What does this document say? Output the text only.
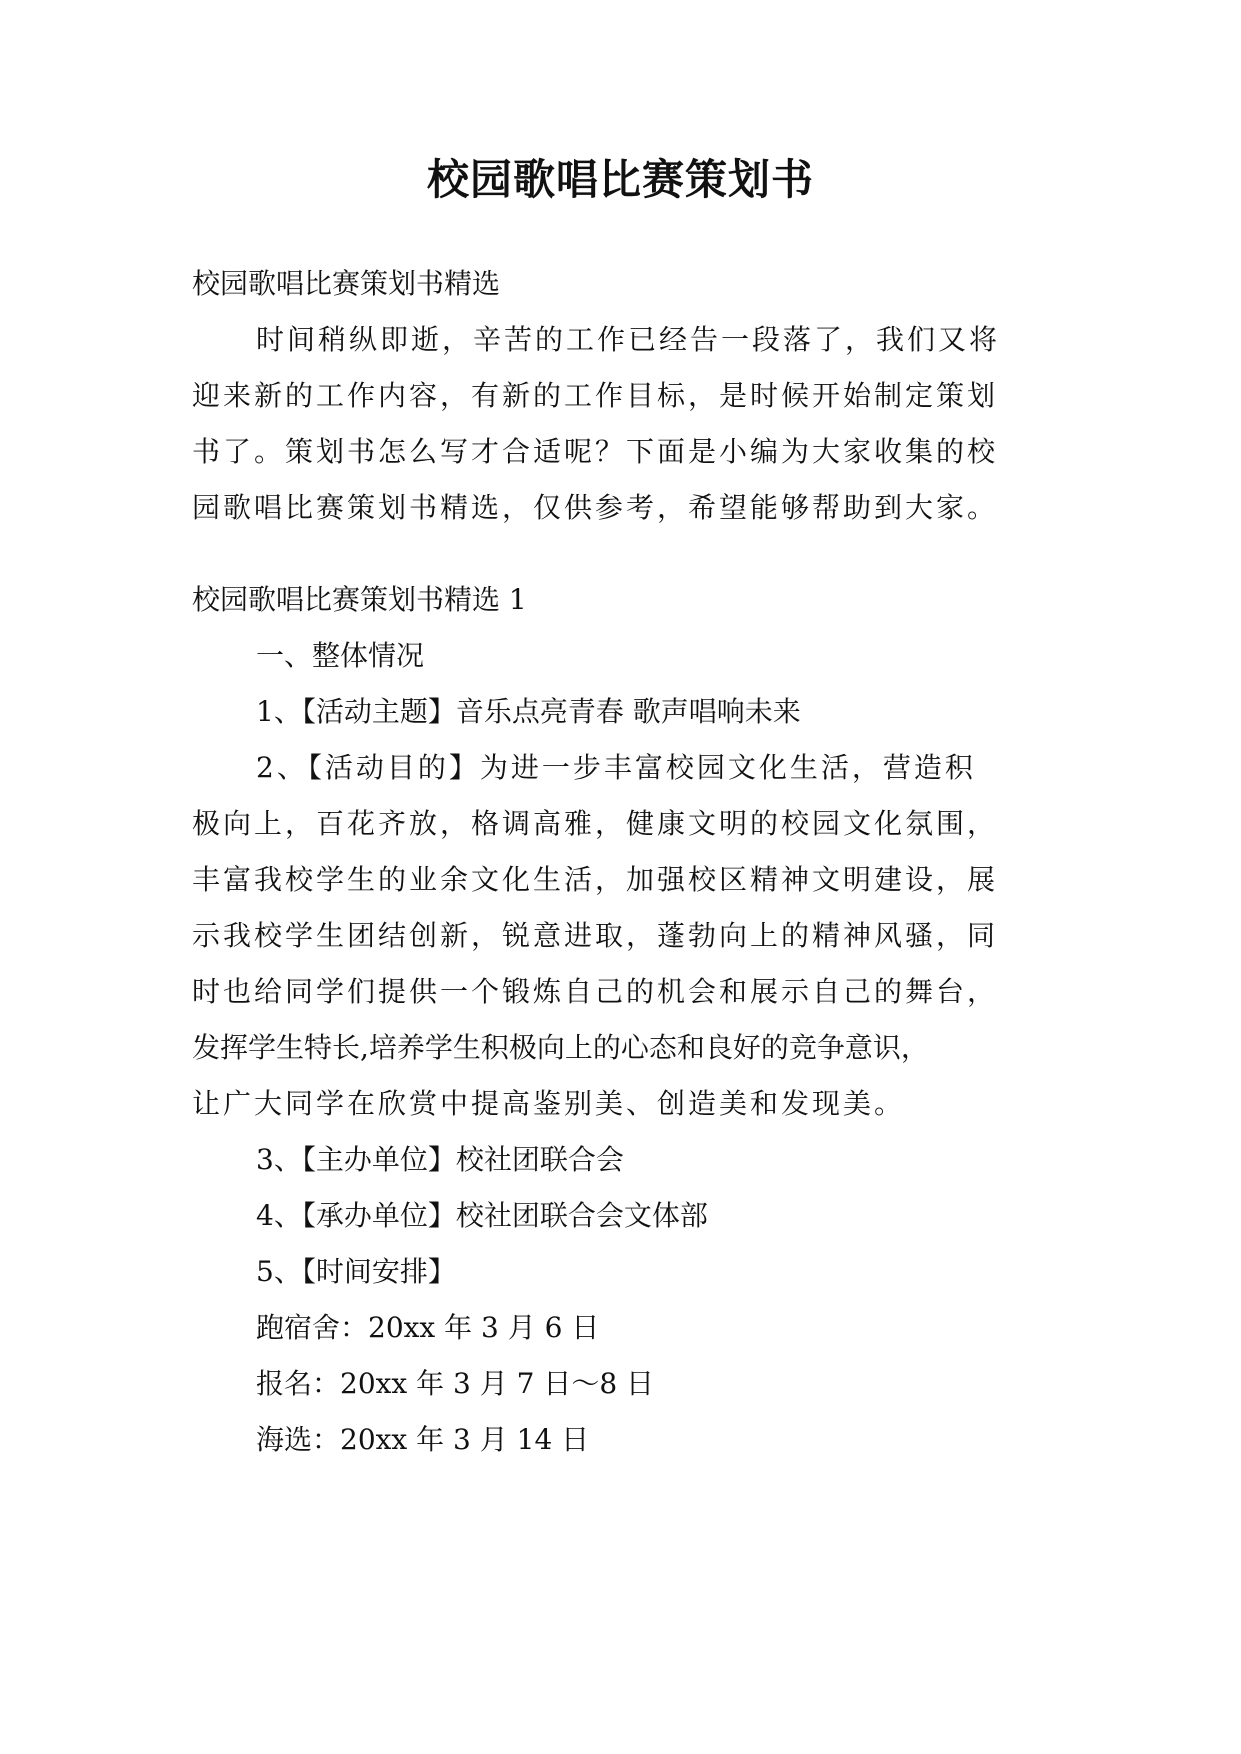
校园歌唱比赛策划书
校园歌唱比赛策划书精选
时间稍纵即逝，辛苦的工作已经告一段落了，我们又将
迎来新的工作内容，有新的工作目标，是时候开始制定策划
书了。策划书怎么写才合适呢？下面是小编为大家收集的校
园歌唱比赛策划书精选，仅供参考，希望能够帮助到大家。
校园歌唱比赛策划书精选 1
一、整体情况
1、【活动主题】音乐点亮青春 歌声唱响未来
2、【活动目的】为进一步丰富校园文化生活，营造积
极向上，百花齐放，格调高雅，健康文明的校园文化氛围，
丰富我校学生的业余文化生活，加强校区精神文明建设，展
示我校学生团结创新，锐意进取，蓬勃向上的精神风骚，同
时也给同学们提供一个锻炼自己的机会和展示自己的舞台，
发挥学生特长,培养学生积极向上的心态和良好的竞争意识，
让广大同学在欣赏中提高鉴别美、创造美和发现美。
3、【主办单位】校社团联合会
4、【承办单位】校社团联合会文体部
5、【时间安排】
跑宿舍：20xx 年 3 月 6 日
报名：20xx 年 3 月 7 日～8 日
海选：20xx 年 3 月 14 日
